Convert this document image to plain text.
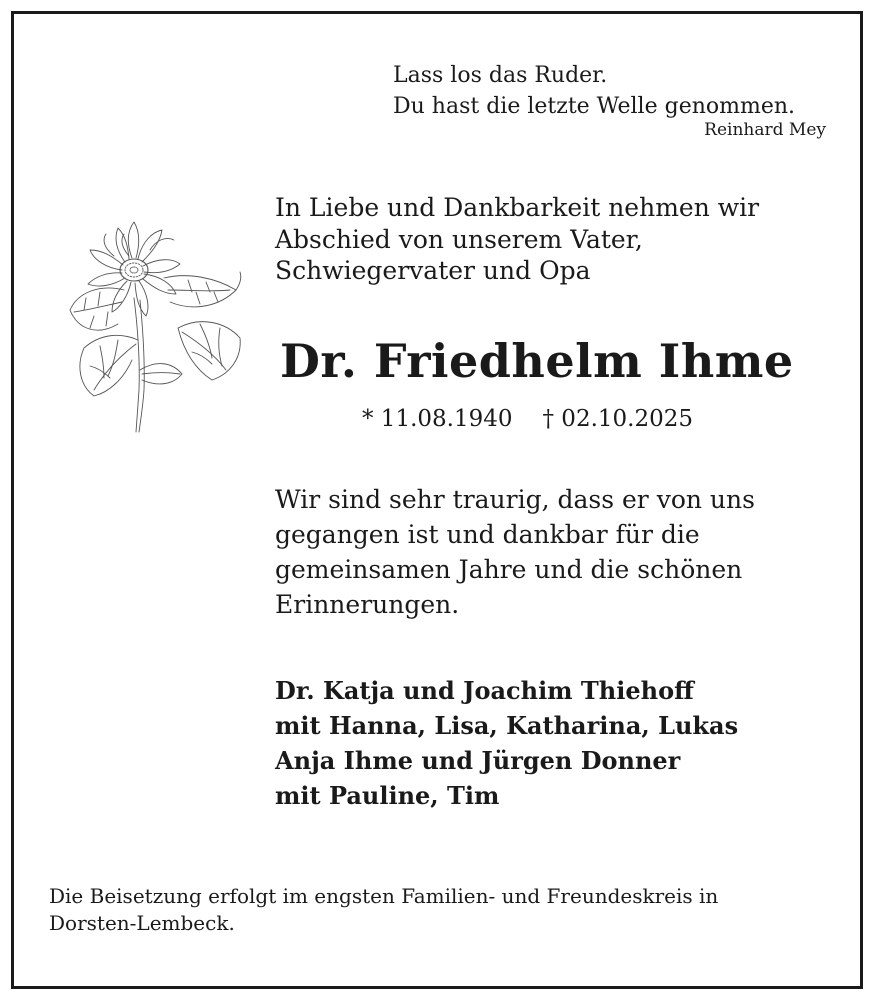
Lass los das Ruder.
Du hast die letzte Welle genommen.
Reinhard Mey
In Liebe und Dankbarkeit nehmen wir
Abschied von unserem Vater,
Schwiegervater und Opa
Dr. Friedhelm Ihme
* 11.08.1940 † 02.10.2025
Wir sind sehr traurig, dass er von uns
gegangen ist und dankbar für die
gemeinsamen Jahre und die schönen
Erinnerungen.
Dr. Katja und Joachim Thiehoff
mit Hanna, Lisa, Katharina, Lukas
Anja Ihme und Jürgen Donner
mit Pauline, Tim
Die Beisetzung erfolgt im engsten Familien- und Freundeskreis in
Dorsten-Lembeck.
